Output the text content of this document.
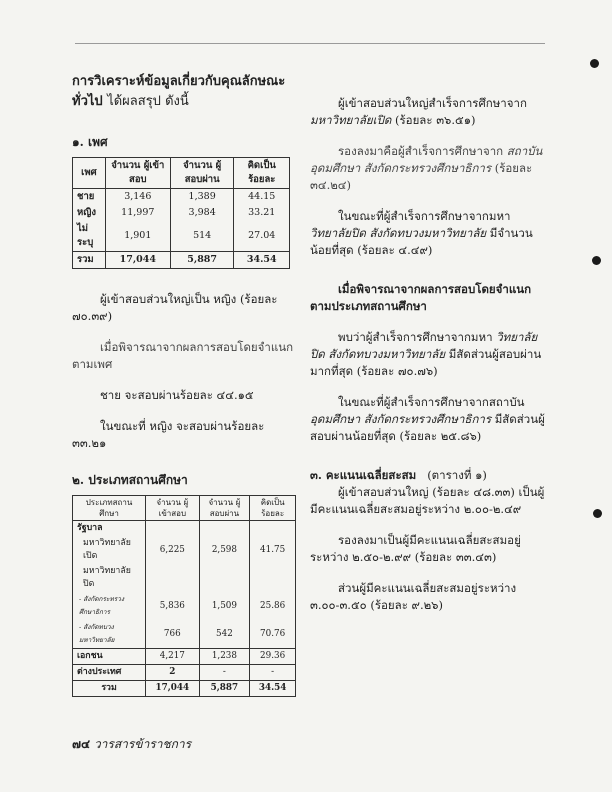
การวิเคราะห์ข้อมูลเกี่ยวกับคุณลักษณะทั่วไป ได้ผลสรุป ดังนี้

๑. เพศ
เพศ	จำนวน ผู้เข้าสอบ	จำนวน ผู้สอบผ่าน	คิดเป็น ร้อยละ
ชาย	3,146	1,389	44.15
หญิง	11,997	3,984	33.21
ไม่ระบุ	1,901	514	27.04
รวม	17,044	5,887	34.54

ผู้เข้าสอบส่วนใหญ่เป็น หญิง (ร้อยละ ๗๐.๓๙)

เมื่อพิจารณาจากผลการสอบโดยจำแนกตามเพศ

ชาย จะสอบผ่านร้อยละ ๔๔.๑๕

ในขณะที่ หญิง จะสอบผ่านร้อยละ ๓๓.๒๑

๒. ประเภทสถานศึกษา
ประเภทสถานศึกษา	จำนวน ผู้เข้าสอบ	จำนวน ผู้สอบผ่าน	คิดเป็น ร้อยละ
รัฐบาล			
มหาวิทยาลัยเปิด	6,225	2,598	41.75
มหาวิทยาลัยปิด			
- สังกัดกระทรวงศึกษาธิการ	5,836	1,509	25.86
- สังกัดทบวงมหาวิทยาลัย	766	542	70.76
เอกชน	4,217	1,238	29.36
ต่างประเทศ	2	-	-
รวม	17,044	5,887	34.54

ผู้เข้าสอบส่วนใหญ่สำเร็จการศึกษาจาก มหาวิทยาลัยเปิด (ร้อยละ ๓๖.๕๑)

รองลงมาคือผู้สำเร็จการศึกษาจาก สถาบันอุดมศึกษา สังกัดกระทรวงศึกษาธิการ (ร้อยละ ๓๔.๒๔)

ในขณะที่ผู้สำเร็จการศึกษาจากมหา วิทยาลัยปิด สังกัดทบวงมหาวิทยาลัย มีจำนวนน้อยที่สุด (ร้อยละ ๔.๔๙)

เมื่อพิจารณาจากผลการสอบโดยจำแนกตามประเภทสถานศึกษา

พบว่าผู้สำเร็จการศึกษาจากมหา วิทยาลัยปิด สังกัดทบวงมหาวิทยาลัย มีสัดส่วนผู้สอบผ่านมากที่สุด (ร้อยละ ๗๐.๗๖)

ในขณะที่ผู้สำเร็จการศึกษาจากสถาบัน อุดมศึกษา สังกัดกระทรวงศึกษาธิการ มีสัดส่วนผู้สอบผ่านน้อยที่สุด (ร้อยละ ๒๕.๘๖)

๓. คะแนนเฉลี่ยสะสม (ตารางที่ ๑)

ผู้เข้าสอบส่วนใหญ่ (ร้อยละ ๔๘.๓๓) เป็นผู้มีคะแนนเฉลี่ยสะสมอยู่ระหว่าง ๒.๐๐-๒.๔๙

รองลงมาเป็นผู้มีคะแนนเฉลี่ยสะสมอยู่ระหว่าง ๒.๕๐-๒.๙๙ (ร้อยละ ๓๓.๔๓)

ส่วนผู้มีคะแนนเฉลี่ยสะสมอยู่ระหว่าง ๓.๐๐-๓.๕๐ (ร้อยละ ๙.๒๖)

๗๔ วารสารข้าราชการ
